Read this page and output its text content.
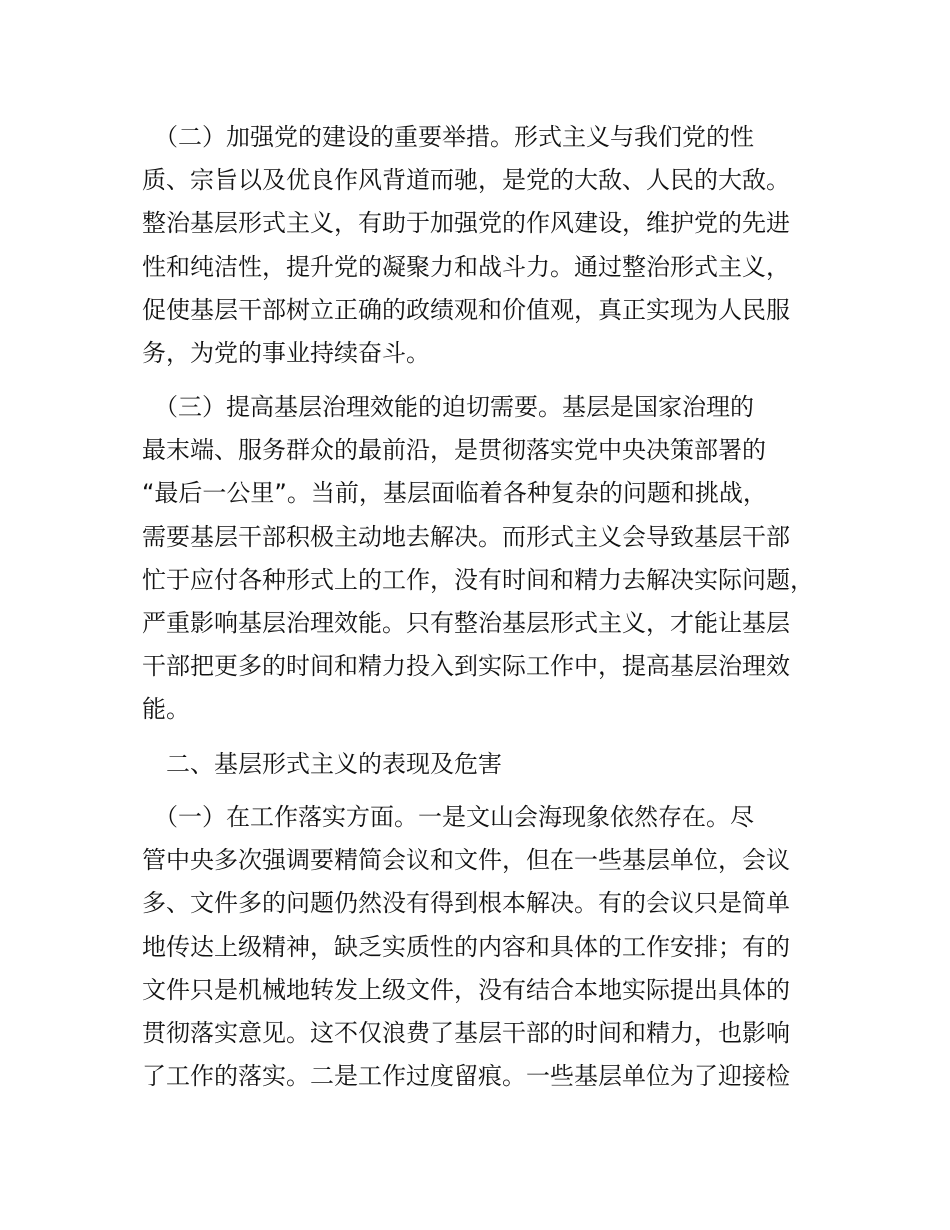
　（二）加强党的建设的重要举措。形式主义与我们党的性
质、宗旨以及优良作风背道而驰，是党的大敌、人民的大敌。
整治基层形式主义，有助于加强党的作风建设，维护党的先进
性和纯洁性，提升党的凝聚力和战斗力。通过整治形式主义，
促使基层干部树立正确的政绩观和价值观，真正实现为人民服
务，为党的事业持续奋斗。
　（三）提高基层治理效能的迫切需要。基层是国家治理的
最末端、服务群众的最前沿，是贯彻落实党中央决策部署的
“最后一公里”。当前，基层面临着各种复杂的问题和挑战，
需要基层干部积极主动地去解决。而形式主义会导致基层干部
忙于应付各种形式上的工作，没有时间和精力去解决实际问题，
严重影响基层治理效能。只有整治基层形式主义，才能让基层
干部把更多的时间和精力投入到实际工作中，提高基层治理效
能。
　二、基层形式主义的表现及危害
　（一）在工作落实方面。一是文山会海现象依然存在。尽
管中央多次强调要精简会议和文件，但在一些基层单位，会议
多、文件多的问题仍然没有得到根本解决。有的会议只是简单
地传达上级精神，缺乏实质性的内容和具体的工作安排；有的
文件只是机械地转发上级文件，没有结合本地实际提出具体的
贯彻落实意见。这不仅浪费了基层干部的时间和精力，也影响
了工作的落实。二是工作过度留痕。一些基层单位为了迎接检
